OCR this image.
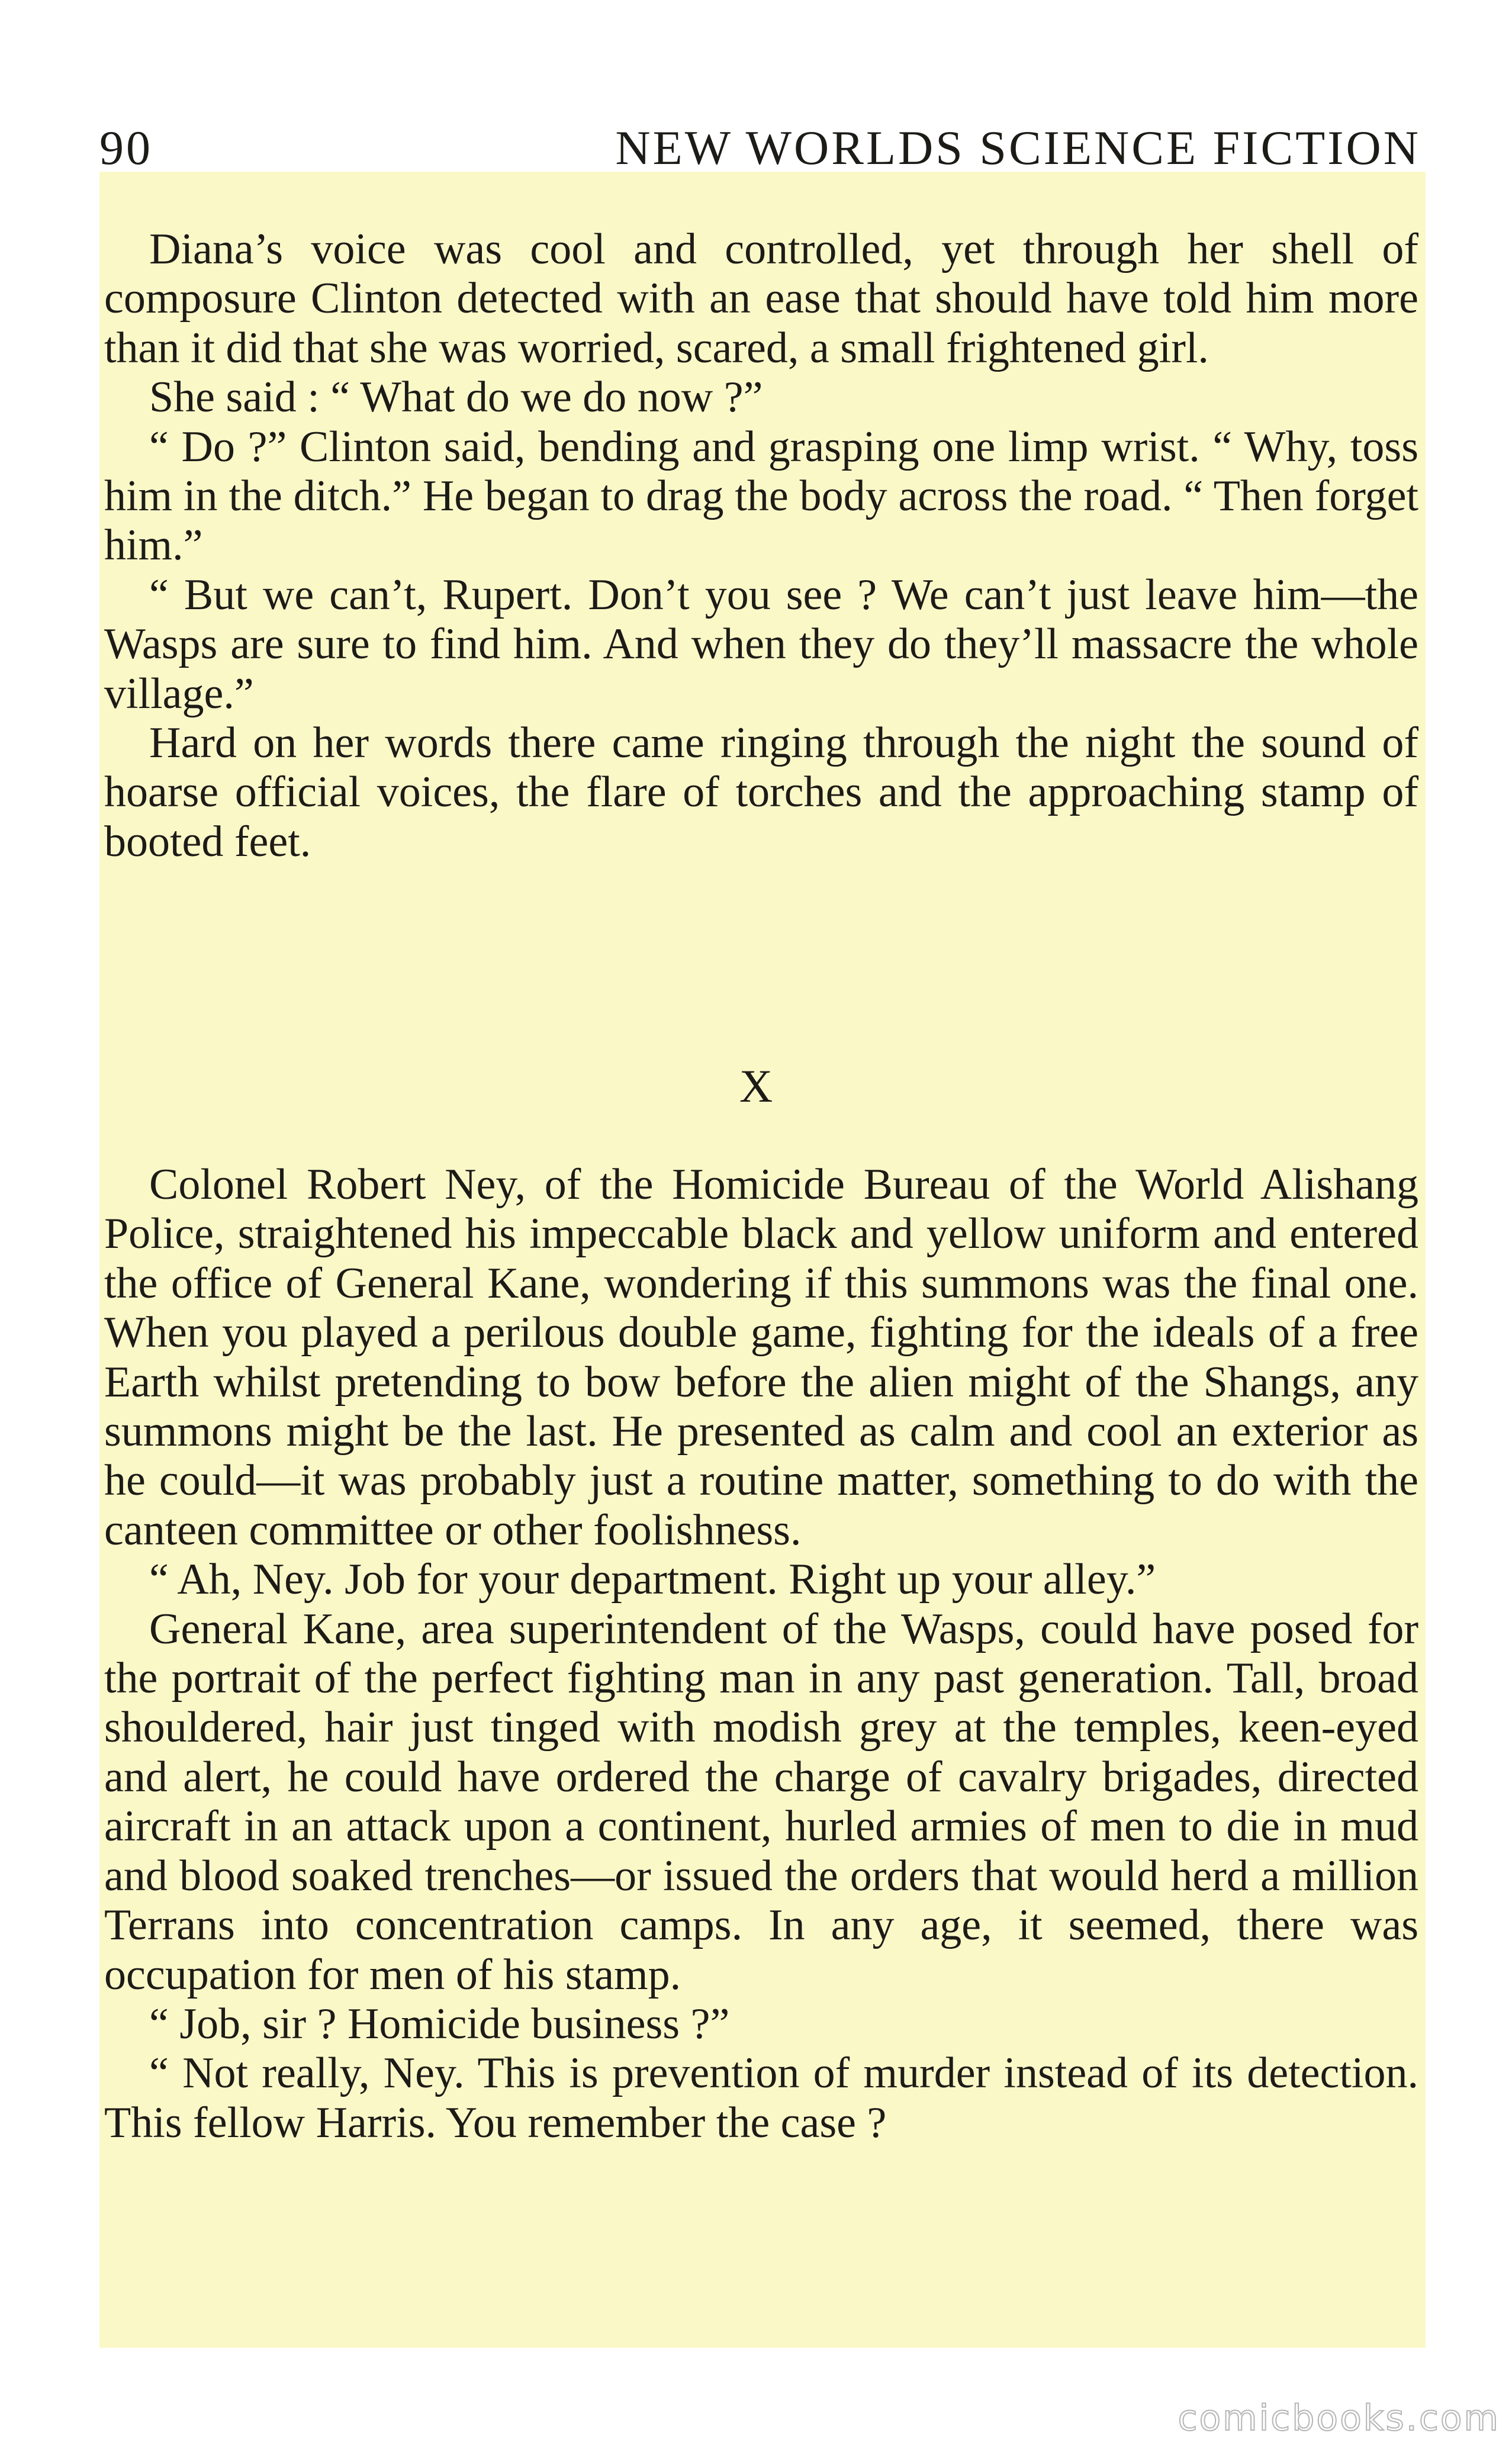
90	NEW WORLDS SCIENCE FICTION

Diana’s voice was cool and controlled, yet through her shell of composure Clinton detected with an ease that should have told him more than it did that she was worried, scared, a small frightened girl.

She said : “ What do we do now ?”

“ Do ?” Clinton said, bending and grasping one limp wrist. “ Why, toss him in the ditch.” He began to drag the body across the road. “ Then forget him.”

“ But we can’t, Rupert. Don’t you see ? We can’t just leave him—the Wasps are sure to find him. And when they do they’ll massacre the whole village.”

Hard on her words there came ringing through the night the sound of hoarse official voices, the flare of torches and the approaching stamp of booted feet.

X

Colonel Robert Ney, of the Homicide Bureau of the World Alishang Police, straightened his impeccable black and yellow uniform and entered the office of General Kane, wondering if this summons was the final one. When you played a perilous double game, fighting for the ideals of a free Earth whilst pretending to bow before the alien might of the Shangs, any summons might be the last. He presented as calm and cool an exterior as he could—it was probably just a routine matter, something to do with the canteen committee or other foolishness.

“ Ah, Ney. Job for your department. Right up your alley.”

General Kane, area superintendent of the Wasps, could have posed for the portrait of the perfect fighting man in any past generation. Tall, broad shouldered, hair just tinged with modish grey at the temples, keen-eyed and alert, he could have ordered the charge of cavalry brigades, directed aircraft in an attack upon a continent, hurled armies of men to die in mud and blood soaked trenches—or issued the orders that would herd a million Terrans into concentration camps. In any age, it seemed, there was occupation for men of his stamp.

“ Job, sir ? Homicide business ?”

“ Not really, Ney. This is prevention of murder instead of its detection. This fellow Harris. You remember the case ?

comicbooks.com
